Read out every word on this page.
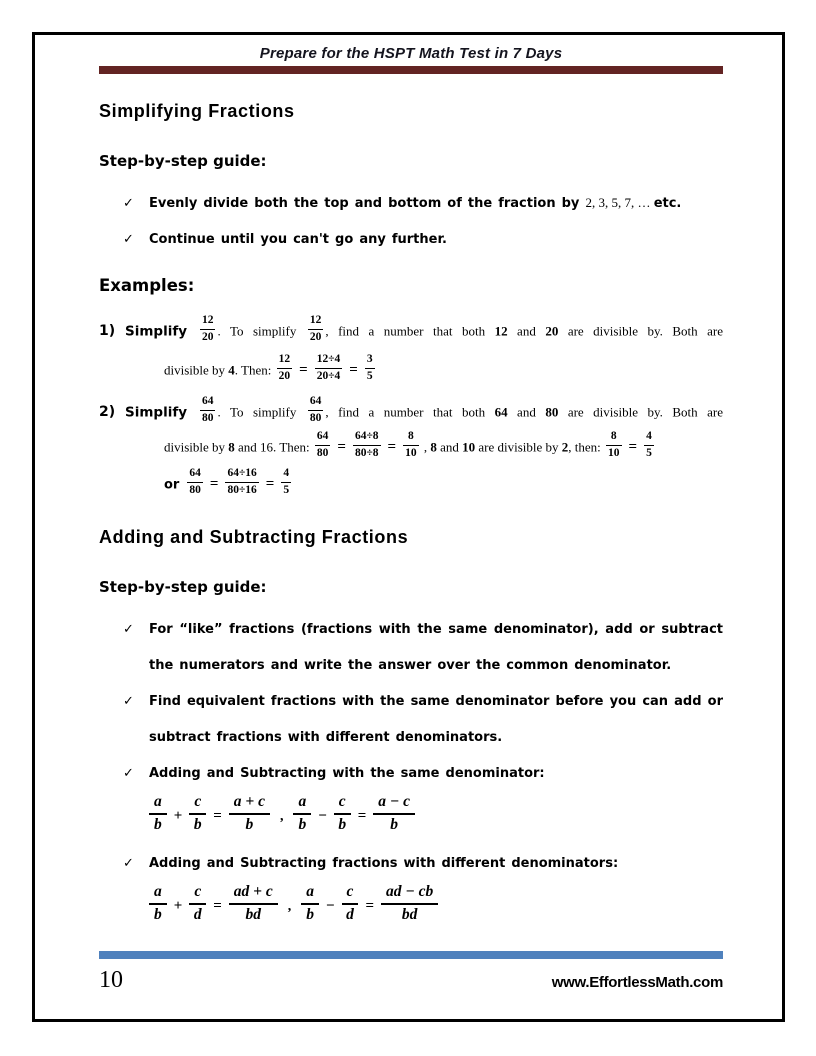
Prepare for the HSPT Math Test in 7 Days
Simplifying Fractions
Step-by-step guide:
✓	Evenly divide both the top and bottom of the fraction by 2, 3, 5, 7, … etc.
✓	Continue until you can't go any further.
Examples:
1) Simplify $\frac{12}{20}$ . To simplify $\frac{12}{20}$ , find a number that both 12 and 20 are divisible by. Both are
divisible by 4. Then: $\frac{12}{20} = \frac{12\div 4}{20\div 4} = \frac{3}{5}$
2) Simplify $\frac{64}{80}$ . To simplify $\frac{64}{80}$ , find a number that both 64 and 80 are divisible by. Both are
divisible by 8 and 16. Then: $\frac{64}{80} = \frac{64\div 8}{80\div 8} = \frac{8}{10}$ , 8 and 10 are divisible by 2, then: $\frac{8}{10} = \frac{4}{5}$
or $\frac{64}{80} = \frac{64\div 16}{80\div 16} = \frac{4}{5}$
Adding and Subtracting Fractions
Step-by-step guide:
✓	For “like” fractions (fractions with the same denominator), add or subtract
the numerators and write the answer over the common denominator.
✓	Find equivalent fractions with the same denominator before you can add or
subtract fractions with different denominators.
✓	Adding and Subtracting with the same denominator:
$\frac{a}{b} + \frac{c}{b} = \frac{a + c}{b}$ , $\frac{a}{b} - \frac{c}{b} = \frac{a - c}{b}$
✓	Adding and Subtracting fractions with different denominators:
$\frac{a}{b} + \frac{c}{d} = \frac{ad + c}{bd}$ , $\frac{a}{b} - \frac{c}{d} = \frac{ad - cb}{bd}$
10	www.EffortlessMath.com
